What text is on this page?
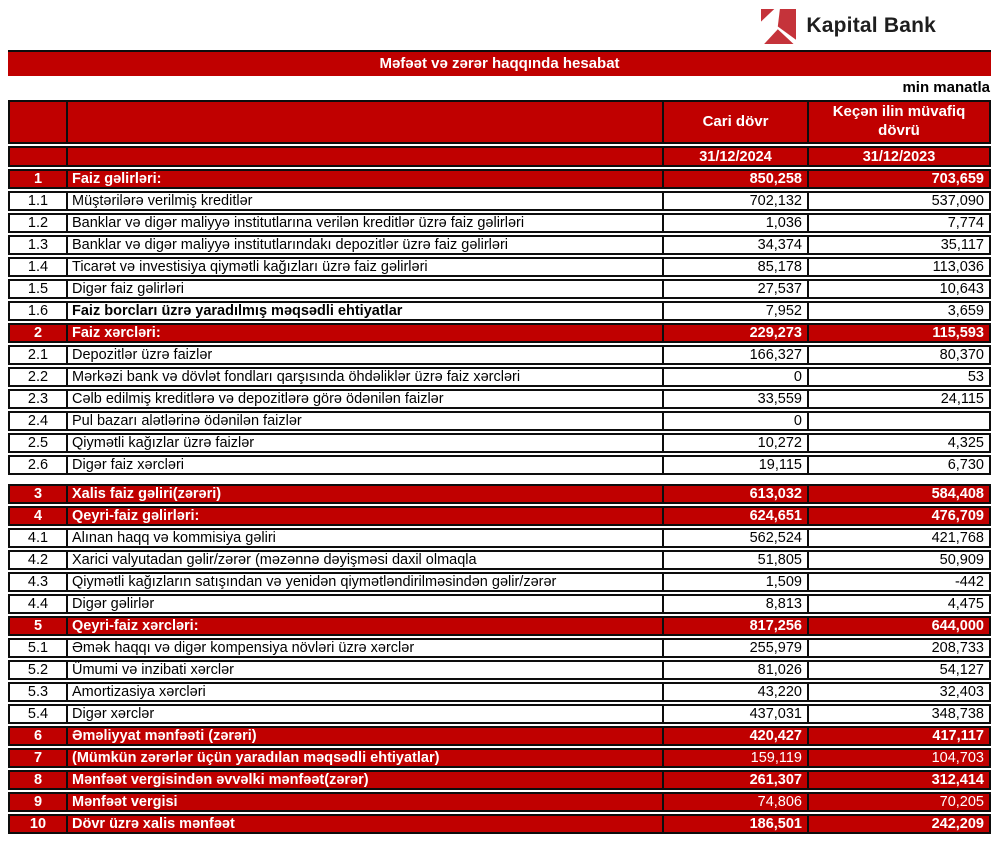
Kapital Bank
Məfəət və zərər haqqında hesabat
min manatla
		Cari dövr	Keçən ilin müvafiq dövrü
		31/12/2024	31/12/2023
1	Faiz gəlirləri:	850,258	703,659
1.1	Müştərilərə verilmiş kreditlər	702,132	537,090
1.2	Banklar və digər maliyyə institutlarına verilən kreditlər üzrə faiz gəlirləri	1,036	7,774
1.3	Banklar və digər maliyyə institutlarındakı depozitlər üzrə faiz gəlirləri	34,374	35,117
1.4	Ticarət və investisiya qiymətli kağızları üzrə faiz gəlirləri	85,178	113,036
1.5	Digər faiz gəlirləri	27,537	10,643
1.6	Faiz borcları üzrə yaradılmış məqsədli ehtiyatlar	7,952	3,659
2	Faiz xərcləri:	229,273	115,593
2.1	Depozitlər üzrə faizlər	166,327	80,370
2.2	Mərkəzi bank və dövlət fondları qarşısında öhdəliklər üzrə faiz xərcləri	0	53
2.3	Cəlb edilmiş kreditlərə və depozitlərə görə ödənilən faizlər	33,559	24,115
2.4	Pul bazarı alətlərinə ödənilən faizlər	0	
2.5	Qiymətli kağızlar üzrə faizlər	10,272	4,325
2.6	Digər faiz xərcləri	19,115	6,730

3	Xalis faiz gəliri(zərəri)	613,032	584,408
4	Qeyri-faiz gəlirləri:	624,651	476,709
4.1	Alınan haqq və kommisiya gəliri	562,524	421,768
4.2	Xarici valyutadan gəlir/zərər (məzənnə dəyişməsi daxil olmaqla	51,805	50,909
4.3	Qiymətli kağızların satışından və yenidən qiymətləndirilməsindən gəlir/zərər	1,509	-442
4.4	Digər gəlirlər	8,813	4,475
5	Qeyri-faiz xərcləri:	817,256	644,000
5.1	Əmək haqqı və digər kompensiya növləri üzrə xərclər	255,979	208,733
5.2	Ümumi və inzibati xərclər	81,026	54,127
5.3	Amortizasiya xərcləri	43,220	32,403
5.4	Digər xərclər	437,031	348,738
6	Əməliyyat mənfəəti (zərəri)	420,427	417,117
7	(Mümkün zərərlər üçün yaradılan məqsədli ehtiyatlar)	159,119	104,703
8	Mənfəət vergisindən əvvəlki mənfəət(zərər)	261,307	312,414
9	Mənfəət vergisi	74,806	70,205
10	Dövr üzrə xalis mənfəət	186,501	242,209
